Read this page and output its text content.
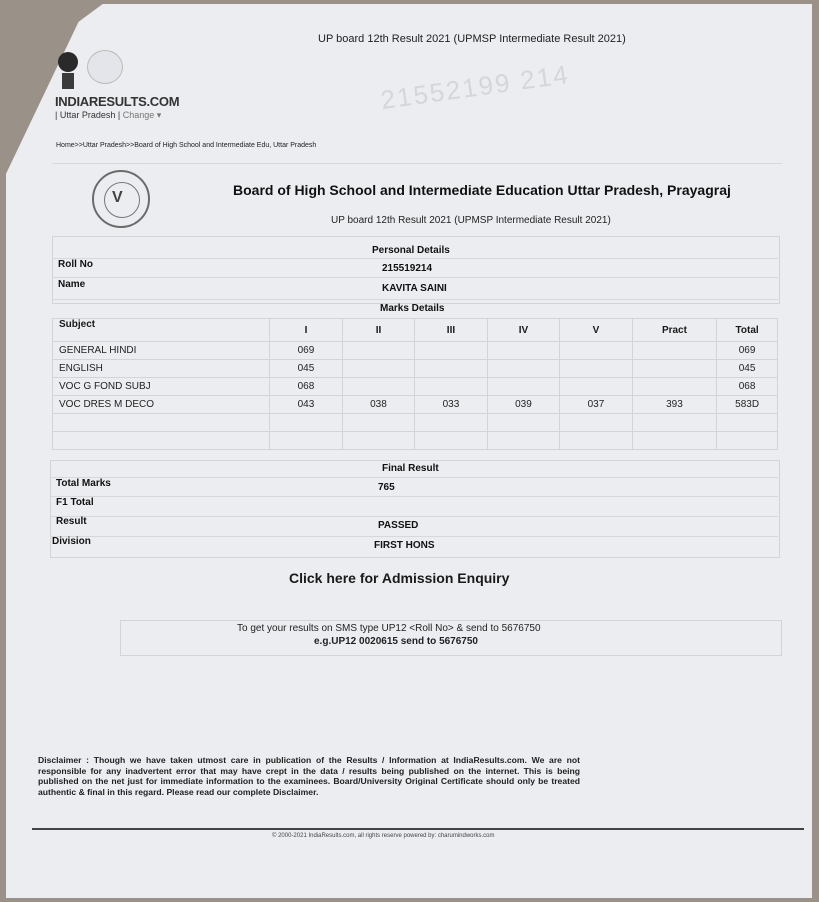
21552199 214
UP board 12th Result 2021 (UPMSP Intermediate Result 2021)
INDIARESULTS.COM
| Uttar Pradesh | Change ▾
Home>>Uttar Pradesh>>Board of High School and Intermediate Edu, Uttar Pradesh
V	Board of High School and Intermediate Education Uttar Pradesh, Prayagraj
UP board 12th Result 2021 (UPMSP Intermediate Result 2021)
Personal Details
Roll No	215519214
Name	KAVITA SAINI
Marks Details
Subject	I	II	III	IV	V	Pract	Total
GENERAL HINDI	069						069
ENGLISH	045						045
VOC G FOND SUBJ	068						068
VOC DRES M DECO	043	038	033	039	037	393	583D

Final Result
Total Marks	765
F1 Total
Result	PASSED
Division	FIRST HONS
Click here for Admission Enquiry
To get your results on SMS type UP12 <Roll No> & send to 5676750
e.g.UP12 0020615 send to 5676750
Disclaimer : Though we have taken utmost care in publication of the Results / Information at IndiaResults.com. We are not responsible for any inadvertent error that may have crept in the data / results being published on the internet. This is being published on the net just for immediate information to the examinees. Board/University Original Certificate should only be treated authentic & final in this regard. Please read our complete Disclaimer.
© 2000-2021 IndiaResults.com, all rights reserve powered by: charumindworks.com
